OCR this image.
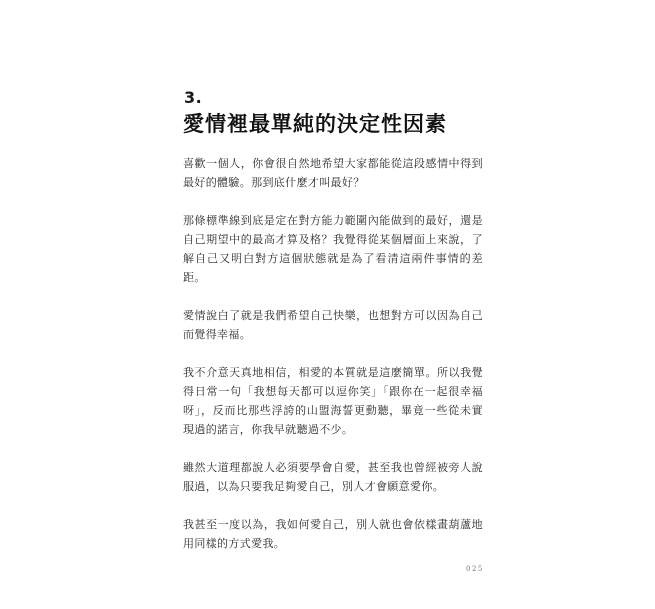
3.
愛情裡最單純的決定性因素

喜歡一個人，你會很自然地希望大家都能從這段感情中得到最好的體驗。那到底什麼才叫最好？

那條標準線到底是定在對方能力範圍內能做到的最好，還是自己期望中的最高才算及格？我覺得從某個層面上來說，了解自己又明白對方這個狀態就是為了看清這兩件事情的差距。

愛情說白了就是我們希望自己快樂，也想對方可以因為自己而覺得幸福。

我不介意天真地相信，相愛的本質就是這麼簡單。所以我覺得日常一句「我想每天都可以逗你笑」「跟你在一起很幸福呀」，反而比那些浮誇的山盟海誓更動聽，畢竟一些從未實現過的諾言，你我早就聽過不少。

雖然大道理都說人必須要學會自愛，甚至我也曾經被旁人說服過，以為只要我足夠愛自己，別人才會願意愛你。

我甚至一度以為，我如何愛自己，別人就也會依樣畫葫蘆地用同樣的方式愛我。

025
